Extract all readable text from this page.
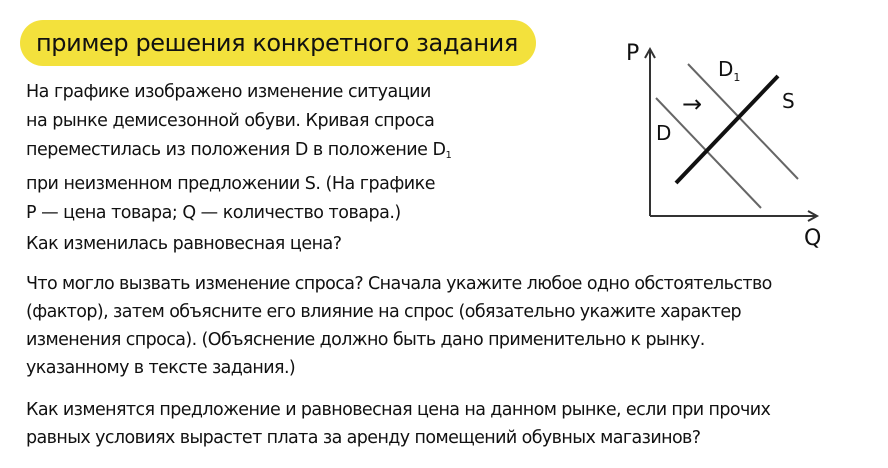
пример решения конкретного задания
На графике изображено изменение ситуации
на рынке демисезонной обуви. Кривая спроса
переместилась из положения D в положение $D_1$
при неизменном предложении S. (На графике
P — цена товара; Q — количество товара.)
Как изменилась равновесная цена?
Что могло вызвать изменение спроса? Сначала укажите любое одно обстоятельство
(фактор), затем объясните его влияние на спрос (обязательно укажите характер
изменения спроса). (Объяснение должно быть дано применительно к рынку.
указанному в тексте задания.)
Как изменятся предложение и равновесная цена на данном рынке, если при прочих
равных условиях вырастет плата за аренду помещений обувных магазинов?
P
Q
D
$D_1$
S
→
